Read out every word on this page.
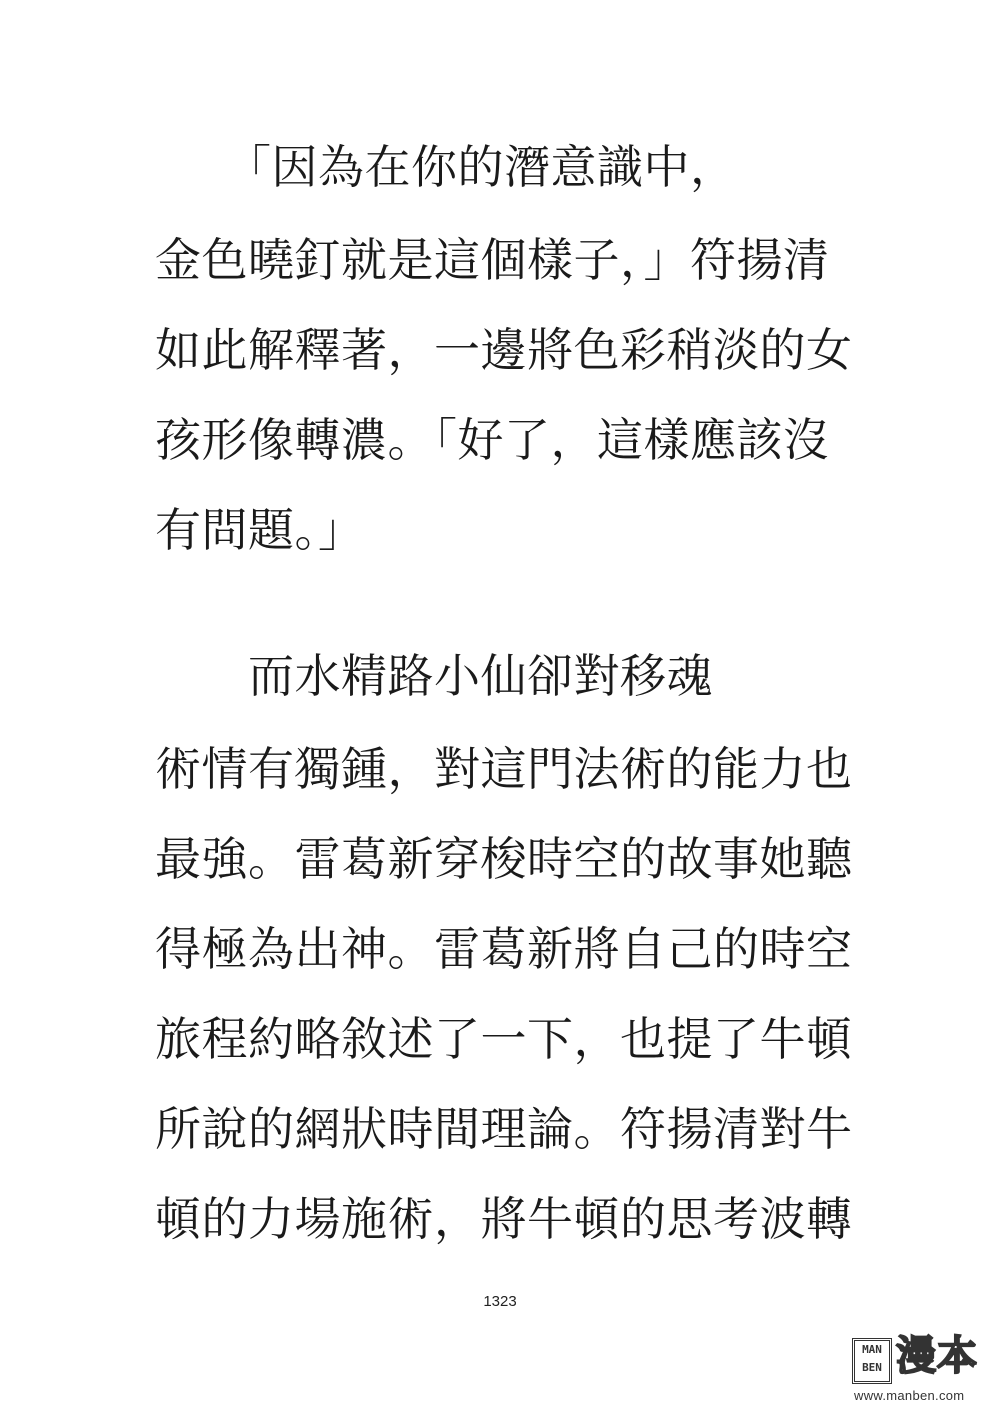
　　「因為在你的潛意識中，
金色曉釘就是這個樣子，」符揚清
如此解釋著，一邊將色彩稍淡的女
孩形像轉濃。「好了，這樣應該沒
有問題。」
　　而水精路小仙卻對移魂
術情有獨鍾，對這門法術的能力也
最強。雷葛新穿梭時空的故事她聽
得極為出神。雷葛新將自己的時空
旅程約略敘述了一下，也提了牛頓
所說的網狀時間理論。符揚清對牛
頓的力場施術，將牛頓的思考波轉
1323
MAN
BEN 漫本
www.manben.com
